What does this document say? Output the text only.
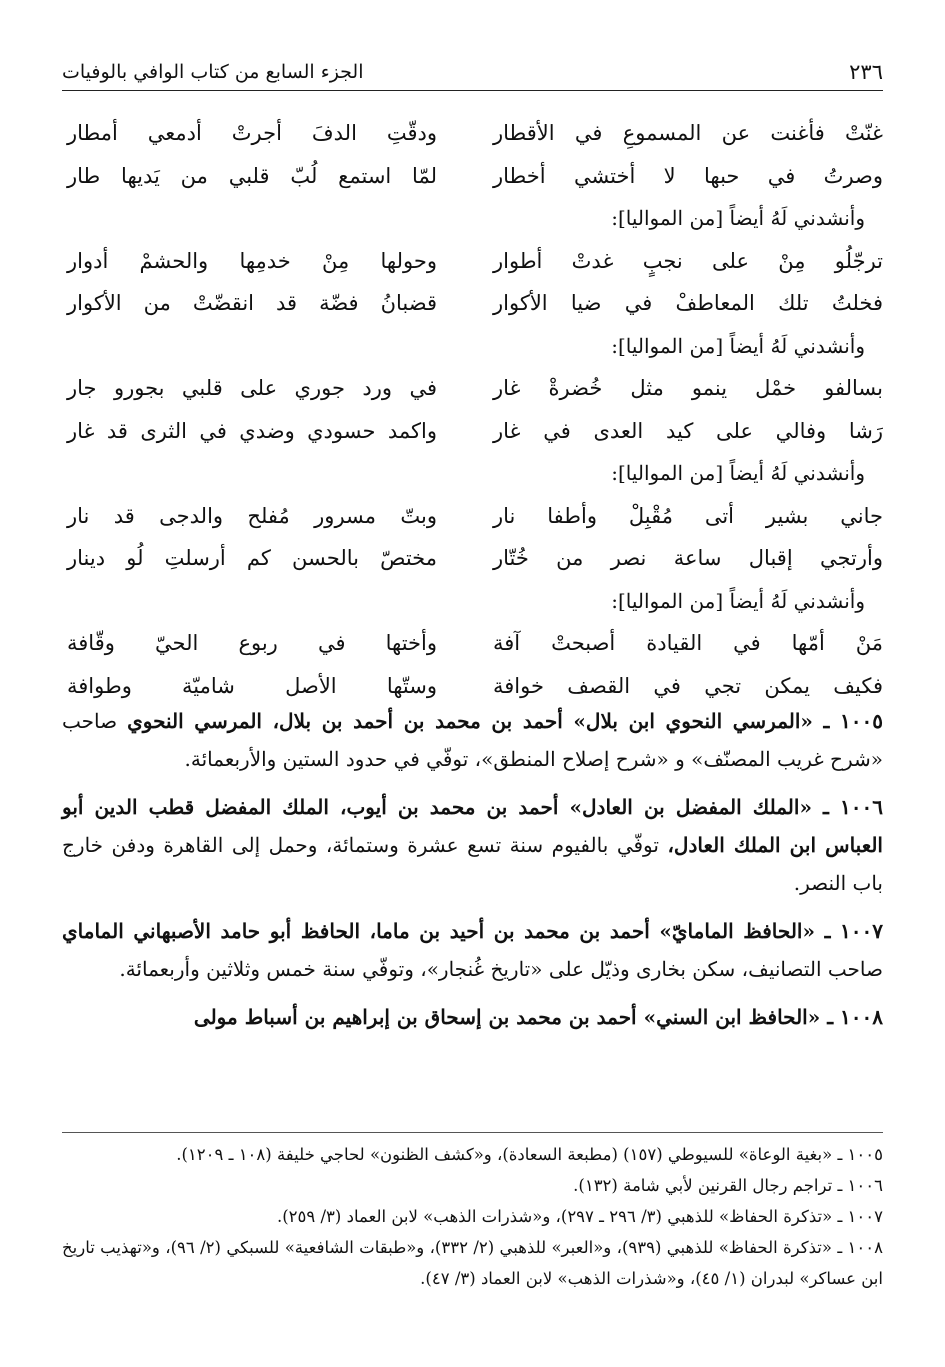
٢٣٦
الجزء السابع من كتاب الوافي بالوفيات
غنّتْ فأغنت عن المسموعِ في الأقطار
ودقّتِ الدفَ أجرتْ أدمعي أمطار
وصرتُ في حبها لا أختشي أخطار
لمّا استمع لُبّ قلبي من يَديها طار
وأنشدني لَهُ أيضاً [من المواليا]:
ترجّلُو مِنْ على نجبٍ غدتْ أطوار
وحولها مِنْ خدمِها والحشمْ أدوار
فخلتُ تلك المعاطفْ في ضيا الأكوار
قضبانُ فضّة قد انقضّتْ من الأكوار
وأنشدني لَهُ أيضاً [من المواليا]:
بسالفو خمْل ينمو مثل خُضرةْ غار
في ورد جوري على قلبي بجورو جار
رَشا وفالي على كيد العدى في غار
واكمد حسودي وضدي في الثرى قد غار
وأنشدني لَهُ أيضاً [من المواليا]:
جاني بشير أتى مُقْبِلْ وأطفا نار
وبتّ مسرور مُفلح والدجى قد نار
وأرتجي إقبال ساعة نصر من خُتّار
مختصّ بالحسن كم أرسلتِ لُو دينار
وأنشدني لَهُ أيضاً [من المواليا]:
مَنْ أمّها في القيادة أصبحتْ آفة
وأختها في ربوع الحيّ وقّافة
فكيف يمكن تجي في القصف خوافة
وستّها الأصل شاميّة وطوافة

١٠٠٥ ـ «المرسي النحوي ابن بلال» أحمد بن محمد بن أحمد بن بلال، المرسي النحوي صاحب «شرح غريب المصنّف» و «شرح إصلاح المنطق»، توفّي في حدود الستين والأربعمائة.

١٠٠٦ ـ «الملك المفضل بن العادل» أحمد بن محمد بن أيوب، الملك المفضل قطب الدين أبو العباس ابن الملك العادل، توفّي بالفيوم سنة تسع عشرة وستمائة، وحمل إلى القاهرة ودفن خارج باب النصر.

١٠٠٧ ـ «الحافظ المامايّ» أحمد بن محمد بن أحيد بن ماما، الحافظ أبو حامد الأصبهاني الماماي صاحب التصانيف، سكن بخارى وذيّل على «تاريخ غُنجار»، وتوفّي سنة خمس وثلاثين وأربعمائة.

١٠٠٨ ـ «الحافظ ابن السني» أحمد بن محمد بن إسحاق بن إبراهيم بن أسباط مولى

١٠٠٥ ـ «بغية الوعاة» للسيوطي (١٥٧) (مطبعة السعادة)، و«كشف الظنون» لحاجي خليفة (١٠٨ ـ ١٢٠٩).
١٠٠٦ ـ تراجم رجال القرنين لأبي شامة (١٣٢).
١٠٠٧ ـ «تذكرة الحفاظ» للذهبي (٣/ ٢٩٦ ـ ٢٩٧)، و«شذرات الذهب» لابن العماد (٣/ ٢٥٩).
١٠٠٨ ـ «تذكرة الحفاظ» للذهبي (٩٣٩)، و«العبر» للذهبي (٢/ ٣٣٢)، و«طبقات الشافعية» للسبكي (٢/ ٩٦)، و«تهذيب تاريخ ابن عساكر» لبدران (١/ ٤٥)، و«شذرات الذهب» لابن العماد (٣/ ٤٧).
